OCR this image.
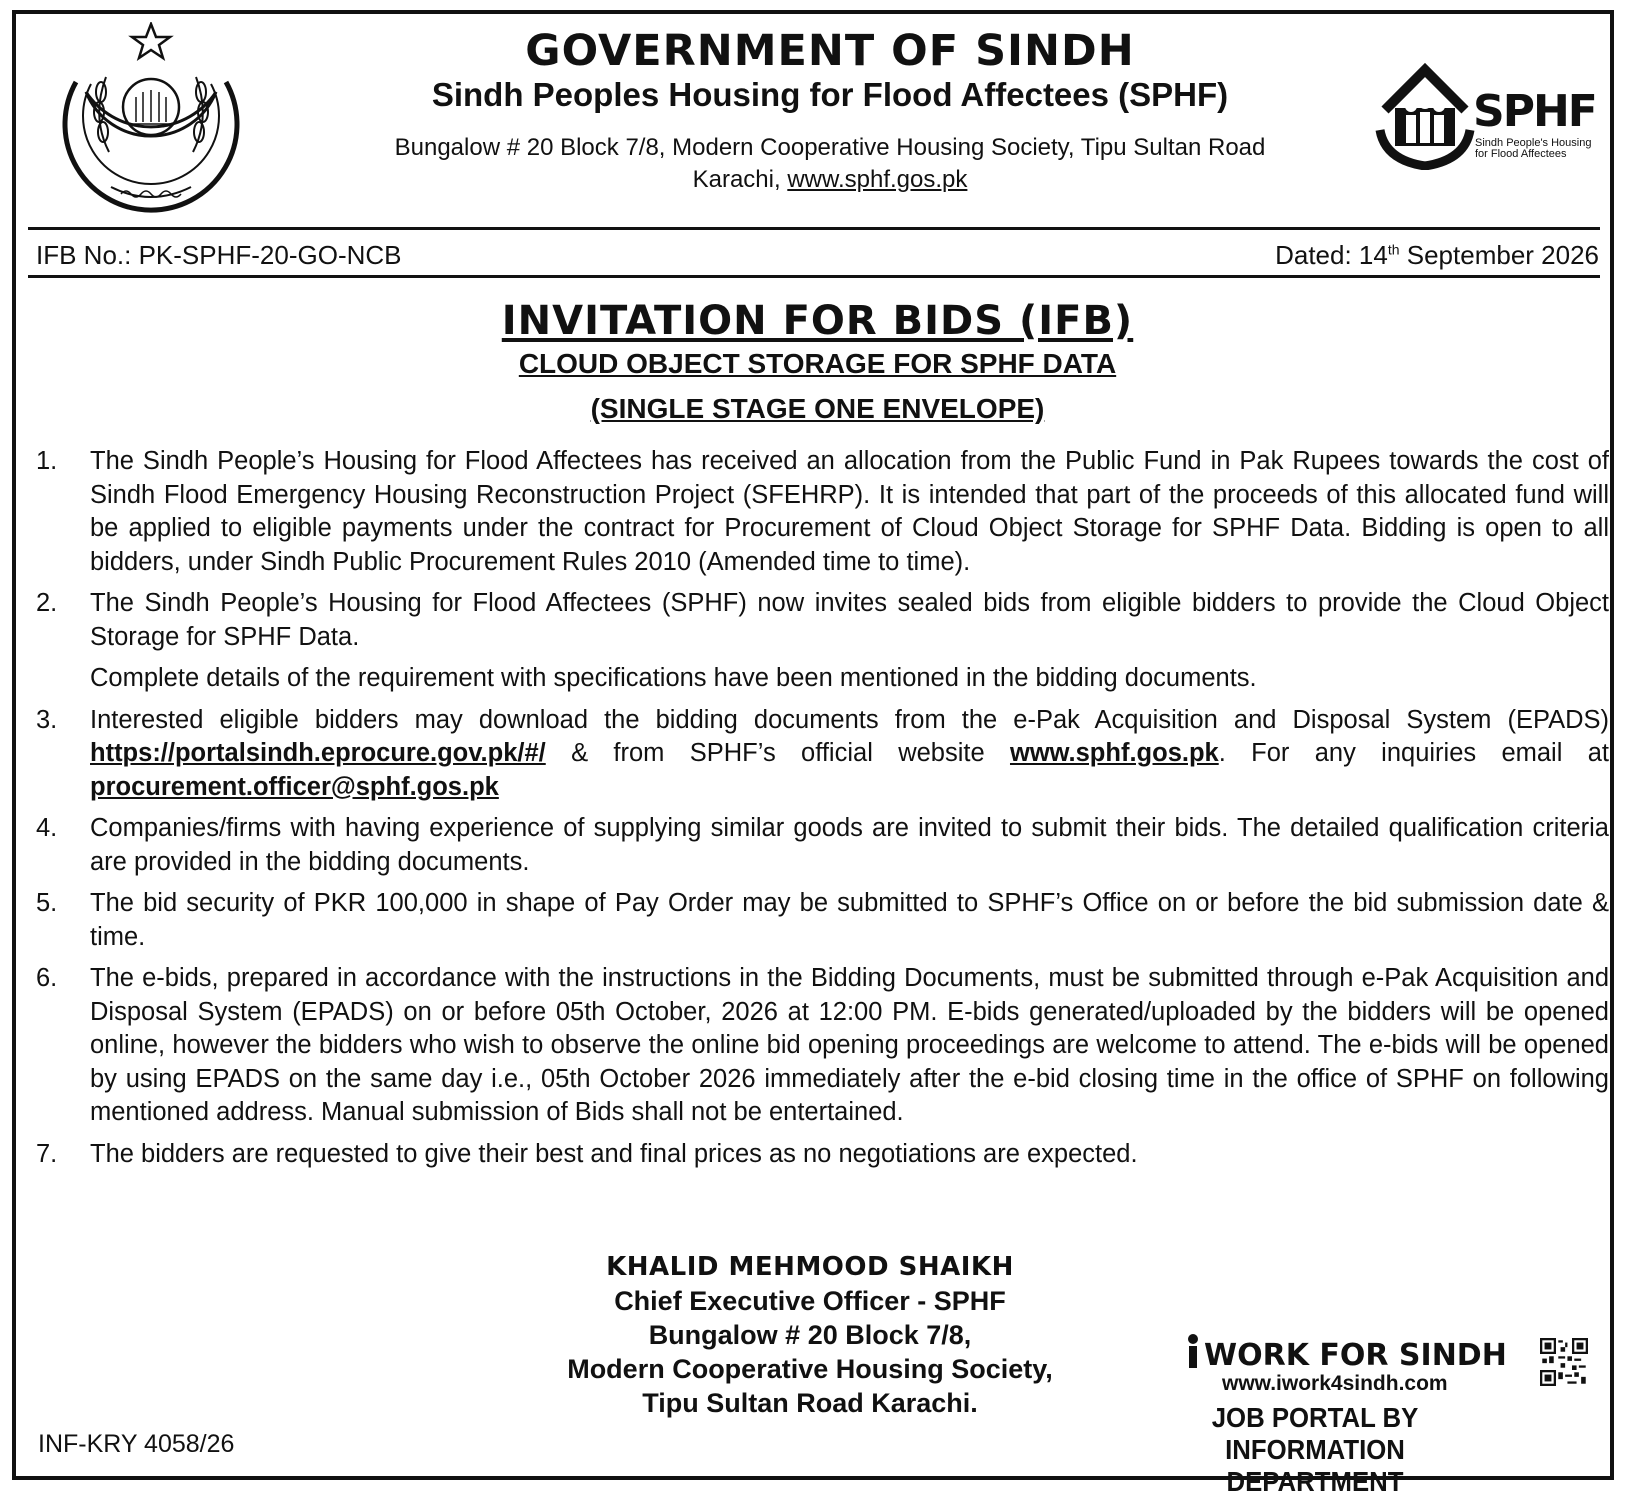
GOVERNMENT OF SINDH
Sindh Peoples Housing for Flood Affectees (SPHF)
Bungalow # 20 Block 7/8, Modern Cooperative Housing Society, Tipu Sultan Road
Karachi, www.sphf.gos.pk
SPHF
Sindh People's Housing
for Flood Affectees
IFB No.: PK-SPHF-20-GO-NCB	Dated: 14th September 2026
INVITATION FOR BIDS (IFB)
CLOUD OBJECT STORAGE FOR SPHF DATA
(SINGLE STAGE ONE ENVELOPE)
1.	The Sindh People’s Housing for Flood Affectees has received an allocation from the Public Fund in Pak Rupees towards the cost of Sindh Flood Emergency Housing Reconstruction Project (SFEHRP). It is intended that part of the proceeds of this allocated fund will be applied to eligible payments under the contract for Procurement of Cloud Object Storage for SPHF Data. Bidding is open to all bidders, under Sindh Public Procurement Rules 2010 (Amended time to time).
2.	The Sindh People’s Housing for Flood Affectees (SPHF) now invites sealed bids from eligible bidders to provide the Cloud Object Storage for SPHF Data.
Complete details of the requirement with specifications have been mentioned in the bidding documents.
3.	Interested eligible bidders may download the bidding documents from the e-Pak Acquisition and Disposal System (EPADS) https://portalsindh.eprocure.gov.pk/#/ & from SPHF’s official website www.sphf.gos.pk. For any inquiries email at procurement.officer@sphf.gos.pk
4.	Companies/firms with having experience of supplying similar goods are invited to submit their bids. The detailed qualification criteria are provided in the bidding documents.
5.	The bid security of PKR 100,000 in shape of Pay Order may be submitted to SPHF’s Office on or before the bid submission date & time.
6.	The e-bids, prepared in accordance with the instructions in the Bidding Documents, must be submitted through e-Pak Acquisition and Disposal System (EPADS) on or before 05th October, 2026 at 12:00 PM. E-bids generated/uploaded by the bidders will be opened online, however the bidders who wish to observe the online bid opening proceedings are welcome to attend. The e-bids will be opened by using EPADS on the same day i.e., 05th October 2026 immediately after the e-bid closing time in the office of SPHF on following mentioned address. Manual submission of Bids shall not be entertained.
7.	The bidders are requested to give their best and final prices as no negotiations are expected.
KHALID MEHMOOD SHAIKH
Chief Executive Officer - SPHF
Bungalow # 20 Block 7/8,
Modern Cooperative Housing Society,
Tipu Sultan Road Karachi.
INF-KRY 4058/26
WORK FOR SINDH
www.iwork4sindh.com
JOB PORTAL BY
INFORMATION DEPARTMENT
